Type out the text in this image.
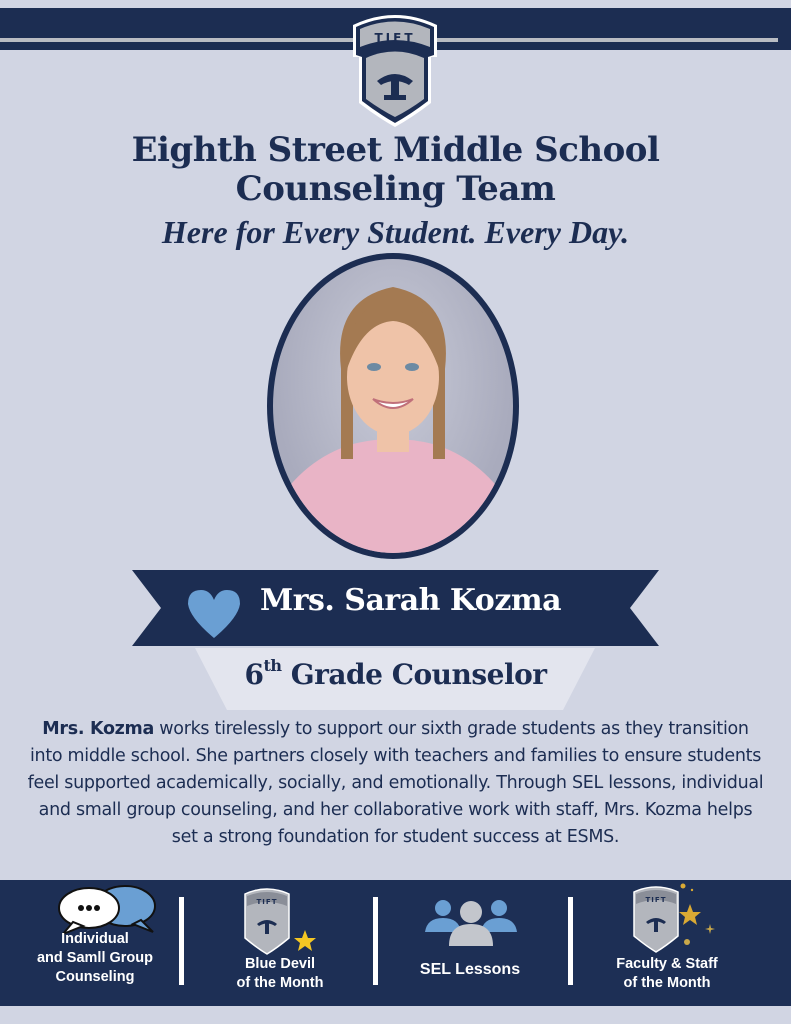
TIFT
Eighth Street Middle School
Counseling Team
Here for Every Student. Every Day.
Mrs. Sarah Kozma
6th Grade Counselor
Mrs. Kozma works tirelessly to support our sixth grade students as they transition into middle school. She partners closely with teachers and families to ensure students feel supported academically, socially, and emotionally. Through SEL lessons, individual and small group counseling, and her collaborative work with staff, Mrs. Kozma helps set a strong foundation for student success at ESMS.
Individual
and Samll Group
Counseling
TIFT
Blue Devil
of the Month
SEL Lessons
TIFT
Faculty & Staff
of the Month
